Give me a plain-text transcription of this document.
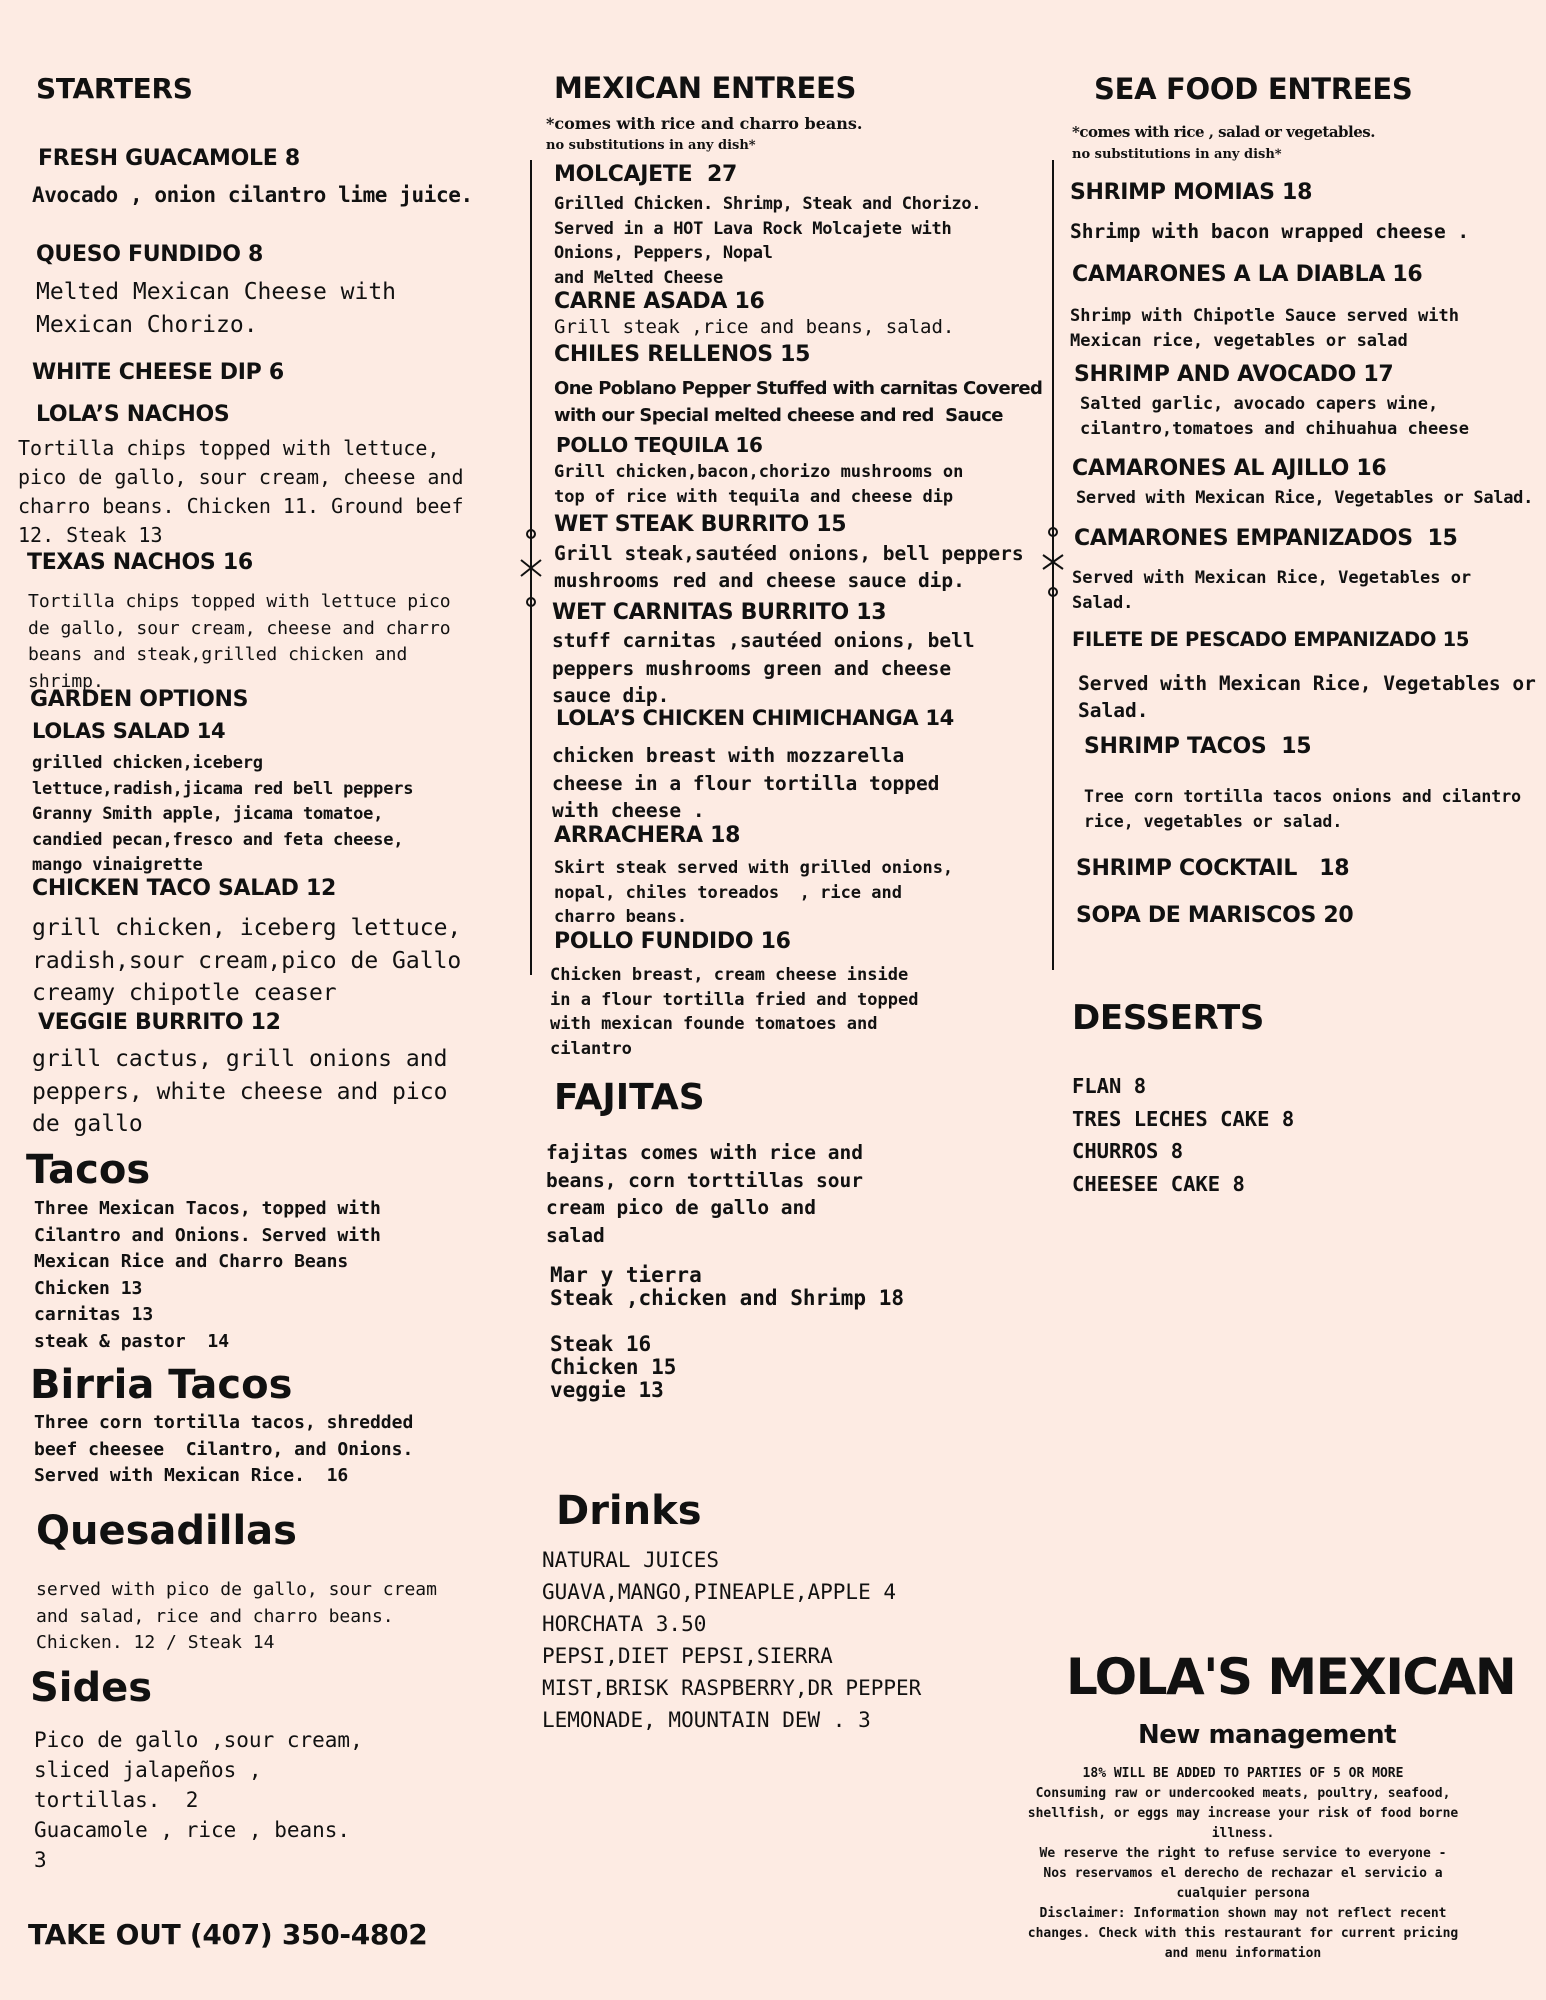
STARTERS
FRESH GUACAMOLE 8
Avocado , onion cilantro lime juice.
QUESO FUNDIDO 8
Melted Mexican Cheese with
Mexican Chorizo.
WHITE CHEESE DIP 6
LOLA’S NACHOS
Tortilla chips topped with lettuce,
pico de gallo, sour cream, cheese and
charro beans. Chicken 11. Ground beef
12. Steak 13
TEXAS NACHOS 16
Tortilla chips topped with lettuce pico
de gallo, sour cream, cheese and charro
beans and steak,grilled chicken and
shrimp.
GARDEN OPTIONS
LOLAS SALAD 14
grilled chicken,iceberg
lettuce,radish,jicama red bell peppers
Granny Smith apple, jicama tomatoe,
candied pecan,fresco and feta cheese,
mango vinaigrette
CHICKEN TACO SALAD 12
grill chicken, iceberg lettuce,
radish,sour cream,pico de Gallo
creamy chipotle ceaser
VEGGIE BURRITO 12
grill cactus, grill onions and
peppers, white cheese and pico
de gallo
Tacos
Three Mexican Tacos, topped with
Cilantro and Onions. Served with
Mexican Rice and Charro Beans
Chicken 13
carnitas 13
steak & pastor  14
Birria Tacos
Three corn tortilla tacos, shredded
beef cheesee  Cilantro, and Onions.
Served with Mexican Rice.  16
Quesadillas
served with pico de gallo, sour cream
and salad, rice and charro beans.
Chicken. 12 / Steak 14
Sides
Pico de gallo ,sour cream,
sliced jalapeños ,
tortillas.  2
Guacamole , rice , beans.
3
TAKE OUT (407) 350-4802
MEXICAN ENTREES
*comes with rice and charro beans.
no substitutions in any dish*
MOLCAJETE  27
Grilled Chicken. Shrimp, Steak and Chorizo.
Served in a HOT Lava Rock Molcajete with
Onions, Peppers, Nopal
and Melted Cheese
CARNE ASADA 16
Grill steak ,rice and beans, salad.
CHILES RELLENOS 15
One Poblano Pepper Stuffed with carnitas Covered
with our Special melted cheese and red  Sauce
POLLO TEQUILA 16
Grill chicken,bacon,chorizo mushrooms on
top of rice with tequila and cheese dip
WET STEAK BURRITO 15
Grill steak,sautéed onions, bell peppers
mushrooms red and cheese sauce dip.
WET CARNITAS BURRITO 13
stuff carnitas ,sautéed onions, bell
peppers mushrooms green and cheese
sauce dip.
LOLA’S CHICKEN CHIMICHANGA 14
chicken breast with mozzarella
cheese in a flour tortilla topped
with cheese .
ARRACHERA 18
Skirt steak served with grilled onions,
nopal, chiles toreados  , rice and
charro beans.
POLLO FUNDIDO 16
Chicken breast, cream cheese inside
in a flour tortilla fried and topped
with mexican founde tomatoes and
cilantro
FAJITAS
fajitas comes with rice and
beans, corn torttillas sour
cream pico de gallo and
salad
Mar y tierra
Steak ,chicken and Shrimp 18
Steak 16
Chicken 15
veggie 13
Drinks
NATURAL JUICES
GUAVA,MANGO,PINEAPLE,APPLE 4
HORCHATA 3.50
PEPSI,DIET PEPSI,SIERRA
MIST,BRISK RASPBERRY,DR PEPPER
LEMONADE, MOUNTAIN DEW . 3
SEA FOOD ENTREES
*comes with rice , salad or vegetables.
no substitutions in any dish*
SHRIMP MOMIAS 18
Shrimp with bacon wrapped cheese .
CAMARONES A LA DIABLA 16
Shrimp with Chipotle Sauce served with
Mexican rice, vegetables or salad
SHRIMP AND AVOCADO 17
Salted garlic, avocado capers wine,
cilantro,tomatoes and chihuahua cheese
CAMARONES AL AJILLO 16
Served with Mexican Rice, Vegetables or Salad.
CAMARONES EMPANIZADOS  15
Served with Mexican Rice, Vegetables or
Salad.
FILETE DE PESCADO EMPANIZADO 15
Served with Mexican Rice, Vegetables or
Salad.
SHRIMP TACOS  15
Tree corn tortilla tacos onions and cilantro
rice, vegetables or salad.
SHRIMP COCKTAIL   18
SOPA DE MARISCOS 20
DESSERTS
FLAN 8
TRES LECHES CAKE 8
CHURROS 8
CHEESEE CAKE 8
LOLA'S MEXICAN
New management
18% WILL BE ADDED TO PARTIES OF 5 OR MORE
Consuming raw or undercooked meats, poultry, seafood,
shellfish, or eggs may increase your risk of food borne
illness.
We reserve the right to refuse service to everyone -
Nos reservamos el derecho de rechazar el servicio a
cualquier persona
Disclaimer: Information shown may not reflect recent
changes. Check with this restaurant for current pricing
and menu information
